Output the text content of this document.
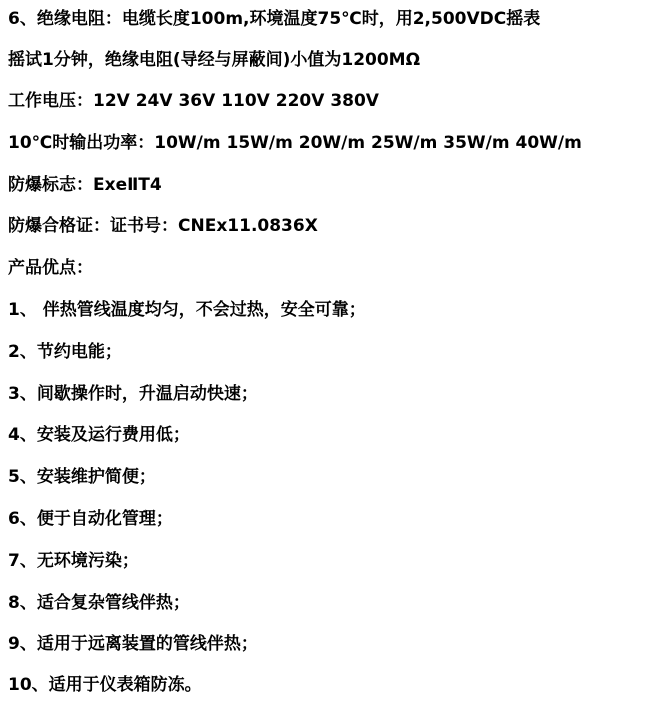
6、绝缘电阻：电缆长度100m,环境温度75℃时，用2,500VDC摇表
摇试1分钟，绝缘电阻(导经与屏蔽间)小值为1200MΩ
工作电压：12V 24V 36V 110V 220V 380V
10℃时输出功率：10W/m 15W/m 20W/m 25W/m 35W/m 40W/m
防爆标志：ExeⅡT4
防爆合格证：证书号：CNEx11.0836X
产品优点：
1、 伴热管线温度均匀，不会过热，安全可靠；
2、节约电能；
3、间歇操作时，升温启动快速；
4、安装及运行费用低；
5、安装维护简便；
6、便于自动化管理；
7、无环境污染；
8、适合复杂管线伴热；
9、适用于远离装置的管线伴热；
10、适用于仪表箱防冻。
